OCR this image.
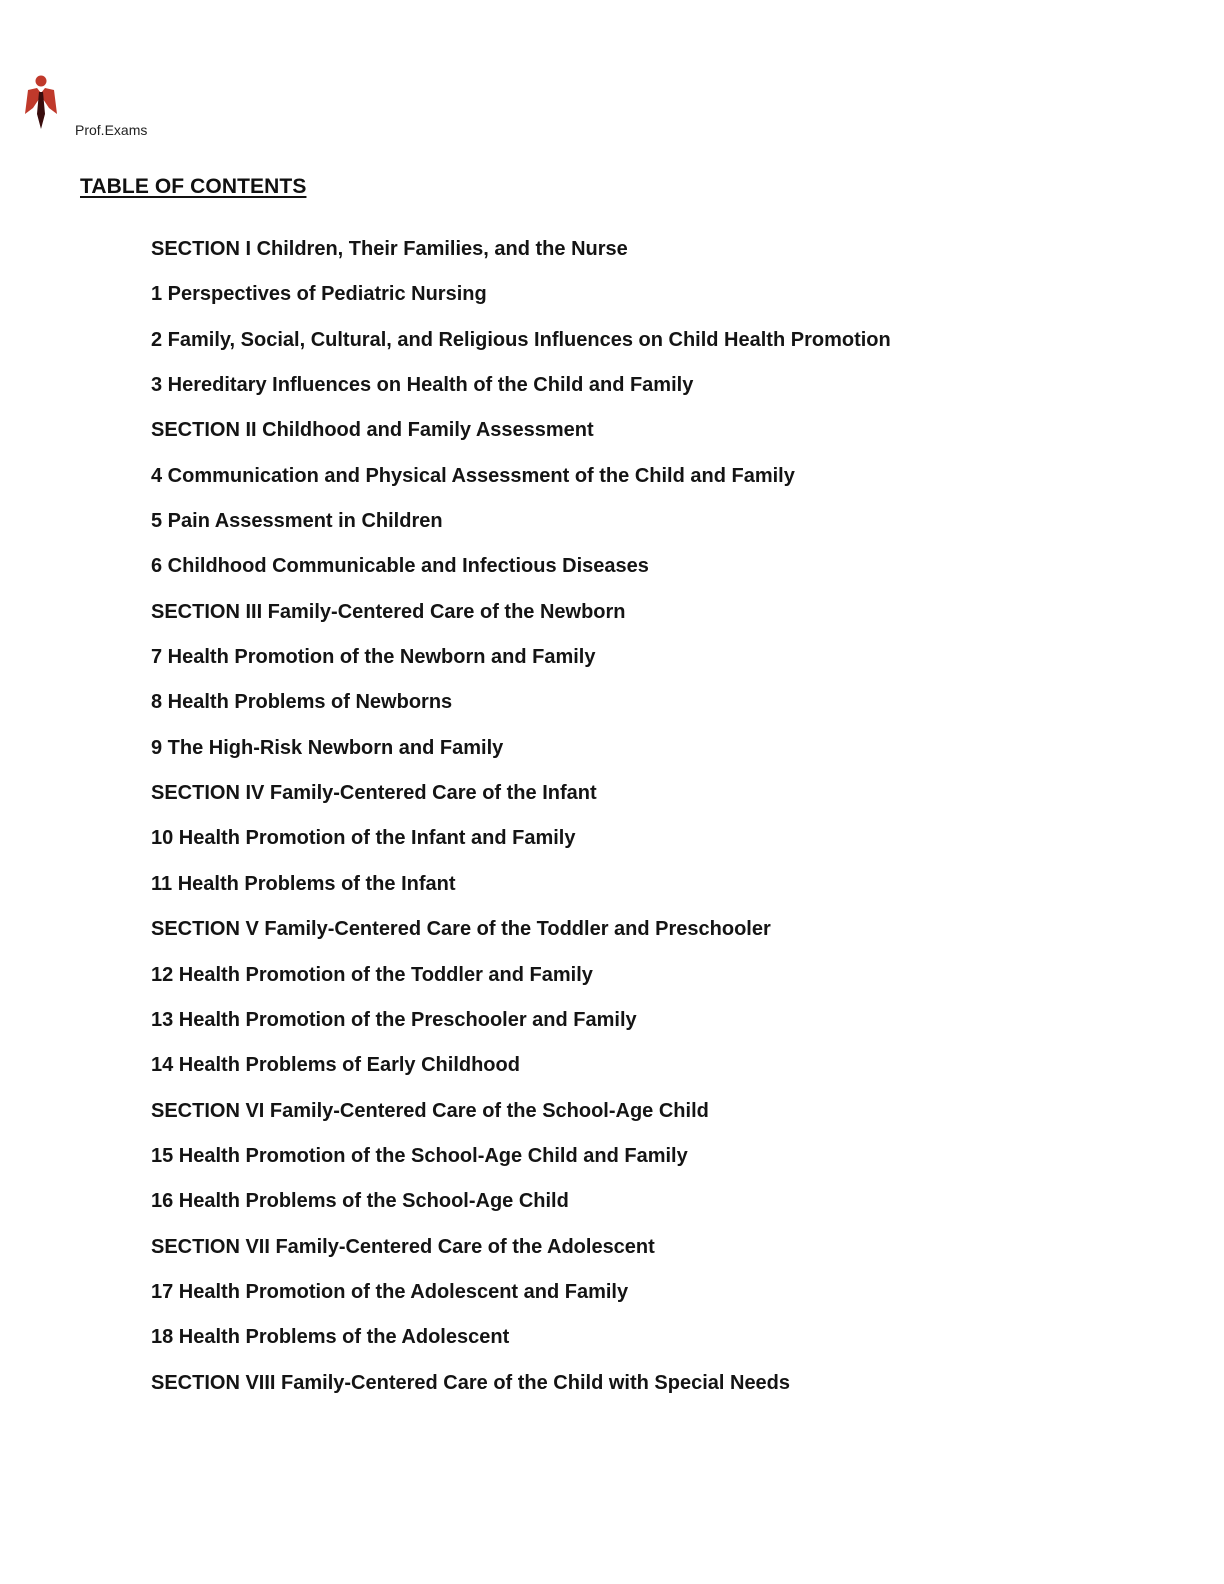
Prof.Exams
TABLE OF CONTENTS
SECTION I Children, Their Families, and the Nurse
1 Perspectives of Pediatric Nursing
2 Family, Social, Cultural, and Religious Influences on Child Health Promotion
3 Hereditary Influences on Health of the Child and Family
SECTION II Childhood and Family Assessment
4 Communication and Physical Assessment of the Child and Family
5 Pain Assessment in Children
6 Childhood Communicable and Infectious Diseases
SECTION III Family-Centered Care of the Newborn
7 Health Promotion of the Newborn and Family
8 Health Problems of Newborns
9 The High-Risk Newborn and Family
SECTION IV Family-Centered Care of the Infant
10 Health Promotion of the Infant and Family
11 Health Problems of the Infant
SECTION V Family-Centered Care of the Toddler and Preschooler
12 Health Promotion of the Toddler and Family
13 Health Promotion of the Preschooler and Family
14 Health Problems of Early Childhood
SECTION VI Family-Centered Care of the School-Age Child
15 Health Promotion of the School-Age Child and Family
16 Health Problems of the School-Age Child
SECTION VII Family-Centered Care of the Adolescent
17 Health Promotion of the Adolescent and Family
18 Health Problems of the Adolescent
SECTION VIII Family-Centered Care of the Child with Special Needs
